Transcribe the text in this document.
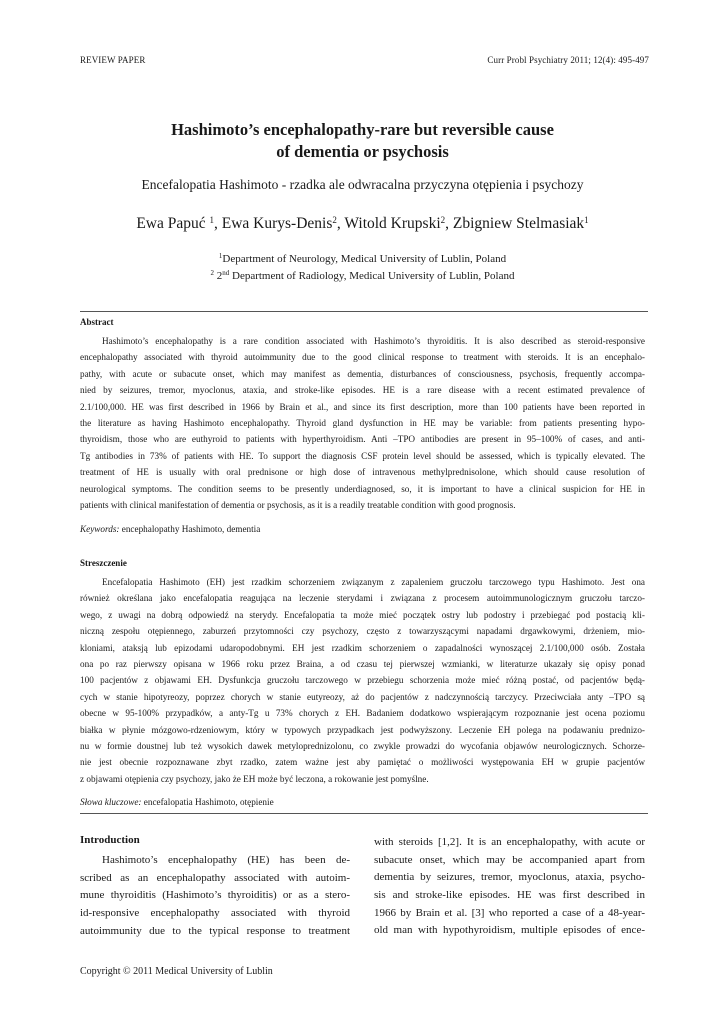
REVIEW PAPER	Curr Probl Psychiatry 2011; 12(4): 495-497
Hashimoto’s encephalopathy-rare but reversible cause
of dementia or psychosis
Encefalopatia Hashimoto - rzadka ale odwracalna przyczyna otępienia i psychozy
Ewa Papuć $^1$, Ewa Kurys-Denis$^2$, Witold Krupski$^2$, Zbigniew Stelmasiak$^1$
$^1$Department of Neurology, Medical University of Lublin, Poland
$^2$ 2nd Department of Radiology, Medical University of Lublin, Poland
Abstract
Hashimoto’s encephalopathy is a rare condition associated with Hashimoto’s thyroiditis. It is also described as steroid-responsive
encephalopathy associated with thyroid autoimmunity due to the good clinical response to treatment with steroids. It is an encephalo-
pathy, with acute or subacute onset, which may manifest as dementia, disturbances of consciousness, psychosis, frequently accompa-
nied by seizures, tremor, myoclonus, ataxia, and stroke-like episodes. HE is a rare disease with a recent estimated prevalence of
2.1/100,000. HE was first described in 1966 by Brain et al., and since its first description, more than 100 patients have been reported in
the literature as having Hashimoto encephalopathy. Thyroid gland dysfunction in HE may be variable: from patients presenting hypo-
thyroidism, those who are euthyroid to patients with hyperthyroidism. Anti –TPO antibodies are present in 95–100% of cases, and anti-
Tg antibodies in 73% of patients with HE. To support the diagnosis CSF protein level should be assessed, which is typically elevated. The
treatment of HE is usually with oral prednisone or high dose of intravenous methylprednisolone, which should cause resolution of
neurological symptoms. The condition seems to be presently underdiagnosed, so, it is important to have a clinical suspicion for HE in
patients with clinical manifestation of dementia or psychosis, as it is a readily treatable condition with good prognosis.
Keywords: encephalopathy Hashimoto, dementia
Streszczenie
Encefalopatia Hashimoto (EH) jest rzadkim schorzeniem związanym z zapaleniem gruczołu tarczowego typu Hashimoto. Jest ona
również określana jako encefalopatia reagująca na leczenie sterydami i związana z procesem autoimmunologicznym gruczołu tarczo-
wego, z uwagi na dobrą odpowiedź na sterydy. Encefalopatia ta może mieć początek ostry lub podostry i przebiegać pod postacią kli-
niczną zespołu otępiennego, zaburzeń przytomności czy psychozy, często z towarzyszącymi napadami drgawkowymi, drżeniem, mio-
kloniami, ataksją lub epizodami udaropodobnymi. EH jest rzadkim schorzeniem o zapadalności wynoszącej 2.1/100,000 osób. Została
ona po raz pierwszy opisana w 1966 roku przez Braina, a od czasu tej pierwszej wzmianki, w literaturze ukazały się opisy ponad
100 pacjentów z objawami EH. Dysfunkcja gruczołu tarczowego w przebiegu schorzenia może mieć różną postać, od pacjentów będą-
cych w stanie hipotyreozy, poprzez chorych w stanie eutyreozy, aż do pacjentów z nadczynnością tarczycy. Przeciwciała anty –TPO są
obecne w 95-100% przypadków, a anty-Tg u 73% chorych z EH. Badaniem dodatkowo wspierającym rozpoznanie jest ocena poziomu
białka w płynie mózgowo-rdzeniowym, który w typowych przypadkach jest podwyższony. Leczenie EH polega na podawaniu prednizo-
nu w formie doustnej lub też wysokich dawek metyloprednizolonu, co zwykle prowadzi do wycofania objawów neurologicznych. Schorze-
nie jest obecnie rozpoznawane zbyt rzadko, zatem ważne jest aby pamiętać o możliwości występowania EH w grupie pacjentów
z objawami otępienia czy psychozy, jako że EH może być leczona, a rokowanie jest pomyślne.
Słowa kluczowe: encefalopatia Hashimoto, otępienie
Introduction
Hashimoto’s encephalopathy (HE) has been de-
scribed as an encephalopathy associated with autoim-
mune thyroiditis (Hashimoto’s thyroiditis) or as a stero-
id-responsive encephalopathy associated with thyroid
autoimmunity due to the typical response to treatment
with steroids [1,2]. It is an encephalopathy, with acute or
subacute onset, which may be accompanied apart from
dementia by seizures, tremor, myoclonus, ataxia, psycho-
sis and stroke-like episodes. HE was first described in
1966 by Brain et al. [3] who reported a case of a 48-year-
old man with hypothyroidism, multiple episodes of ence-
Copyright © 2011 Medical University of Lublin
